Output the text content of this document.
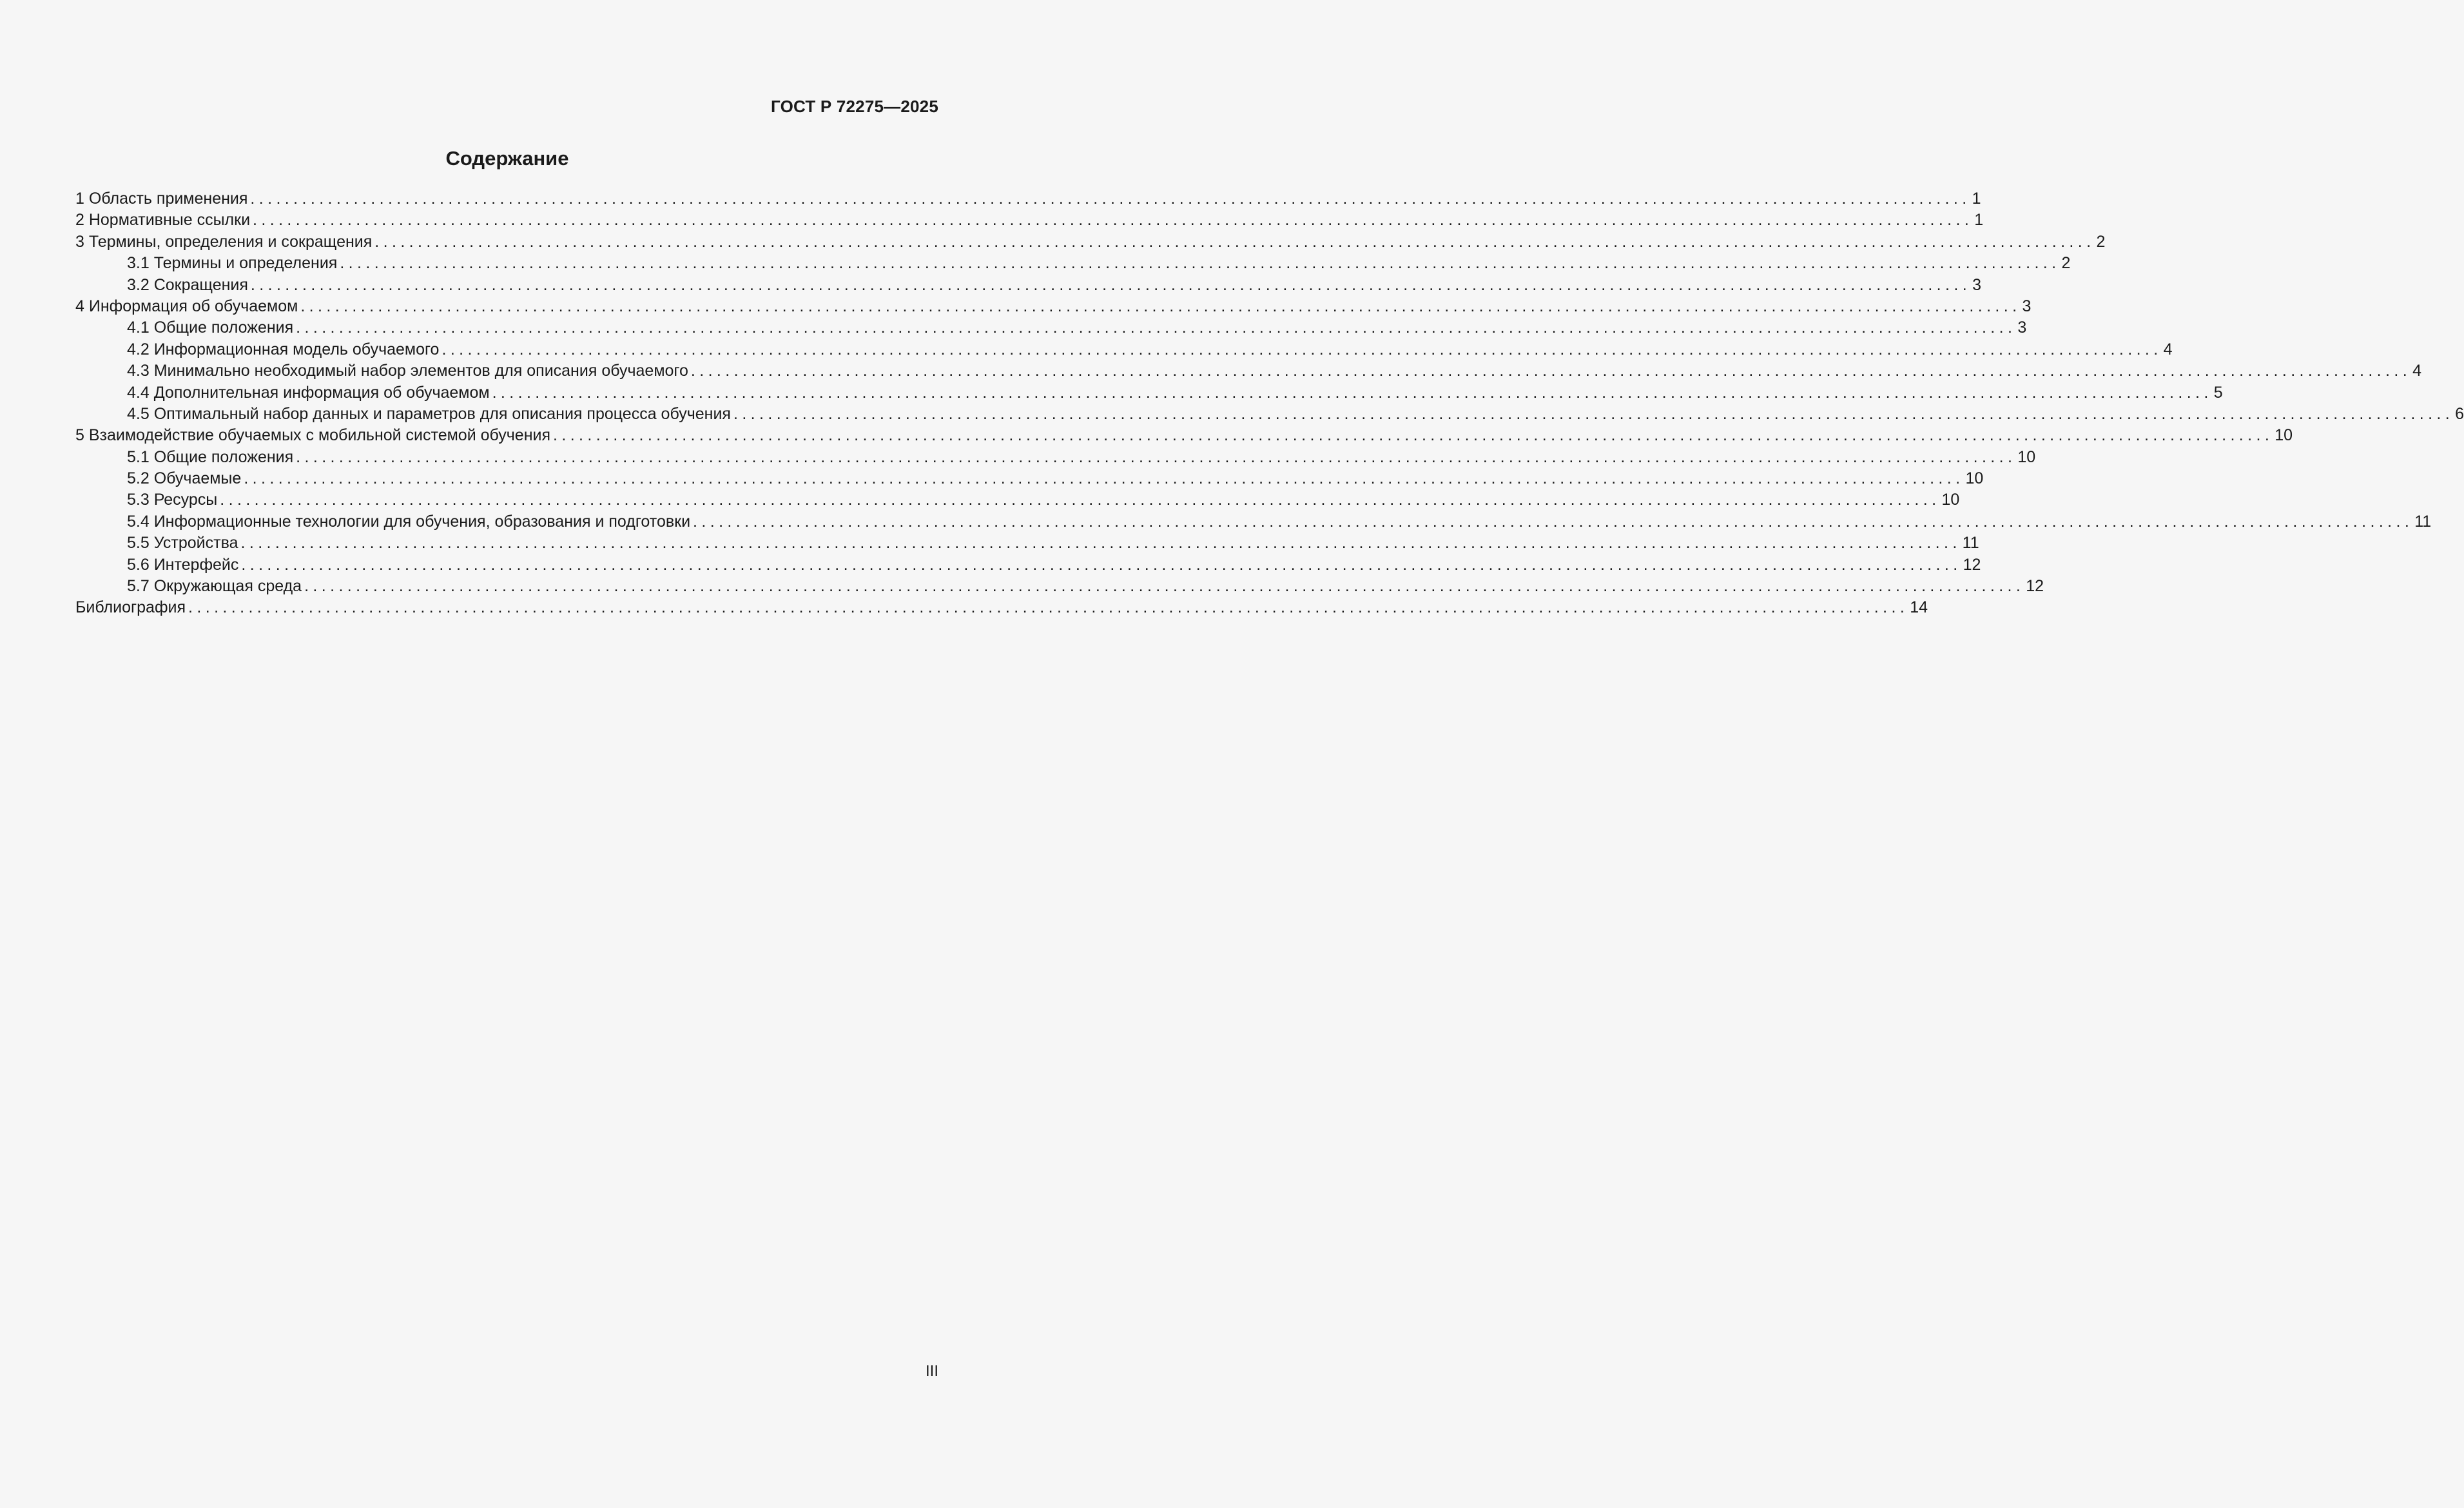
ГОСТ Р 72275—2025
Содержание
1 Область применения ........................................................................................................................................................................................................ 1
2 Нормативные ссылки ........................................................................................................................................................................................................ 1
3 Термины, определения и сокращения ........................................................................................................................................................................................................ 2
3.1 Термины и определения ........................................................................................................................................................................................................ 2
3.2 Сокращения ........................................................................................................................................................................................................ 3
4 Информация об обучаемом ........................................................................................................................................................................................................ 3
4.1 Общие положения ........................................................................................................................................................................................................ 3
4.2 Информационная модель обучаемого ........................................................................................................................................................................................................ 4
4.3 Минимально необходимый набор элементов для описания обучаемого ........................................................................................................................................................................................................ 4
4.4 Дополнительная информация об обучаемом ........................................................................................................................................................................................................ 5
4.5 Оптимальный набор данных и параметров для описания процесса обучения ........................................................................................................................................................................................................ 6
5 Взаимодействие обучаемых с мобильной системой обучения ........................................................................................................................................................................................................ 10
5.1 Общие положения ........................................................................................................................................................................................................ 10
5.2 Обучаемые ........................................................................................................................................................................................................ 10
5.3 Ресурсы ........................................................................................................................................................................................................ 10
5.4 Информационные технологии для обучения, образования и подготовки ........................................................................................................................................................................................................ 11
5.5 Устройства ........................................................................................................................................................................................................ 11
5.6 Интерфейс ........................................................................................................................................................................................................ 12
5.7 Окружающая среда ........................................................................................................................................................................................................ 12
Библиография ........................................................................................................................................................................................................ 14
III
